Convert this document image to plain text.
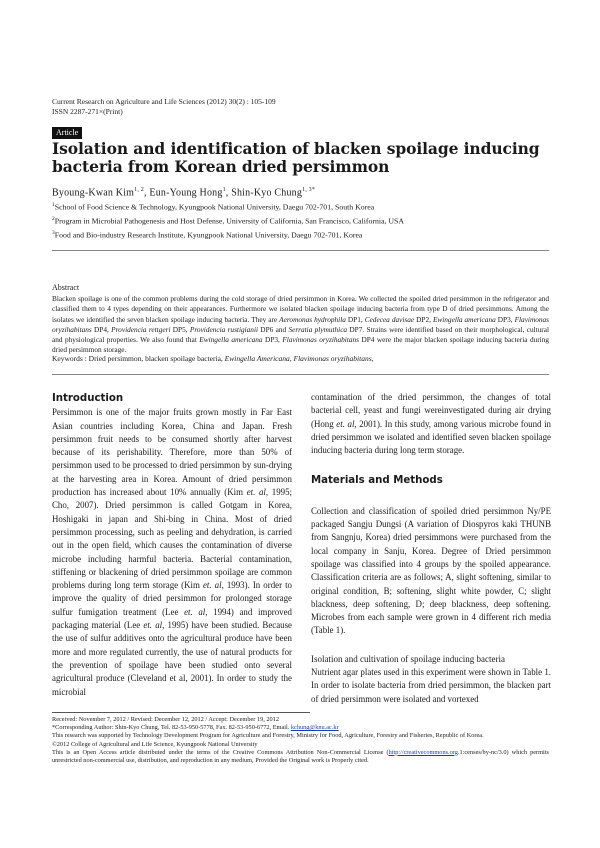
Current Research on Agriculture and Life Sciences (2012) 30(2) : 105-109
ISSN 2287-271×(Print)
Article
Isolation and identification of blacken spoilage inducing bacteria from Korean dried persimmon
Byoung-Kwan Kim$^{1, 2}$, Eun-Young Hong$^1$, Shin-Kyo Chung$^{1, 3*}$
$^1$School of Food Science & Technology, Kyungpook National University, Daegu 702-701, South Korea
$^2$Program in Microbial Pathogenesis and Host Defense, University of California, San Francisco, California, USA
$^3$Food and Bio-industry Research Institute, Kyungpook National University, Daegu 702-701, Korea
Abstract
Blacken spoilage is one of the common problems during the cold storage of dried persimmon in Korea. We collected the spoiled dried persimmon in the refrigerator and classified them to 4 types depending on their appearances. Furthermore we isolated blacken spoilage inducing bacteria from type D of dried persimmons. Among the isolates we identified the seven blacken spoilage inducing bacteria. They are Aeromonas hydrophila DP1, Cedecea davisae DP2, Ewingella americana DP3, Flavimonas oryzihabitans DP4, Providencia rettgeri DP5, Providencia rustigianii DP6 and Serratia plymuthica DP7. Strains were identified based on their morphological, cultural and physiological properties. We also found that Ewingella americana DP3, Flavimonas oryzihabitans DP4 were the major blacken spoilage inducing bacteria during dried persimmon storage.
Keywords : Dried persimmon, blacken spoilage bacteria, Ewingella Americana, Flavimonas oryzihabitans,
Introduction

Persimmon is one of the major fruits grown mostly in Far East Asian countries including Korea, China and Japan. Fresh persimmon fruit needs to be consumed shortly after harvest because of its perishability. Therefore, more than 50% of persimmon used to be processed to dried persimmon by sun-drying at the harvesting area in Korea. Amount of dried persimmon production has increased about 10% annually (Kim et. al, 1995; Cho, 2007). Dried persimmon is called Gotgam in Korea, Hoshigaki in japan and Shi-bing in China. Most of dried persimmon processing, such as peeling and dehydration, is carried out in the open field, which causes the contamination of diverse microbe including harmful bacteria. Bacterial contamination, stiffening or blackening of dried persimmon spoilage are common problems during long term storage (Kim et. al, 1993). In order to improve the quality of dried persimmon for prolonged storage sulfur fumigation treatment (Lee et. al, 1994) and improved packaging material (Lee et. al, 1995) have been studied. Because the use of sulfur additives onto the agricultural produce have been more and more regulated currently, the use of natural products for the prevention of spoilage have been studied onto several agricultural produce (Cleveland et al, 2001). In order to study the microbial

contamination of the dried persimmon, the changes of total bacterial cell, yeast and fungi wereinvestigated during air drying (Hong et. al, 2001). In this study, among various microbe found in dried persimmon we isolated and identified seven blacken spoilage inducing bacteria during long term storage.

Materials and Methods

Collection and classification of spoiled dried persimmon Ny/PE packaged Sangju Dungsi (A variation of Diospyros kaki THUNB from Sangnju, Korea) dried persimmons were purchased from the local company in Sanju, Korea. Degree of Dried persimmon spoilage was classified into 4 groups by the spoiled appearance. Classification criteria are as follows; A, slight softening, similar to original condition, B; softening, slight white powder, C; slight blackness, deep softening, D; deep blackness, deep softening. Microbes from each sample were grown in 4 different rich media (Table 1).

Isolation and cultivation of spoilage inducing bacteria

Nutrient agar plates used in this experiment were shown in Table 1. In order to isolate bacteria from dried persimmon, the blacken part of dried persimmon were isolated and vortexed

Received: November 7, 2012 / Revised: December 12, 2012 / Accept: December 19, 2012
*Corresponding Author: Shin-Kyo Chung, Tel. 82-53-950-5778, Fax. 82-53-950-6772, Email. kchung@knu.ac.kr
This research was supported by Technology Development Program for Agriculture and Forestry, Ministry for Food, Agriculture, Forestry and Fisheries, Republic of Korea.
©2012 College of Agricultural and Life Science, Kyungpook National University
This is an Open Access article distributed under the terms of the Creative Commons Attribution Non-Commercial License (http://creativecommons.org.1:censes/by-nc/3.0) which permits unrestricted non-commercial use, distribution, and reproduction in any medium, Provided the Original work is Properly cited.
